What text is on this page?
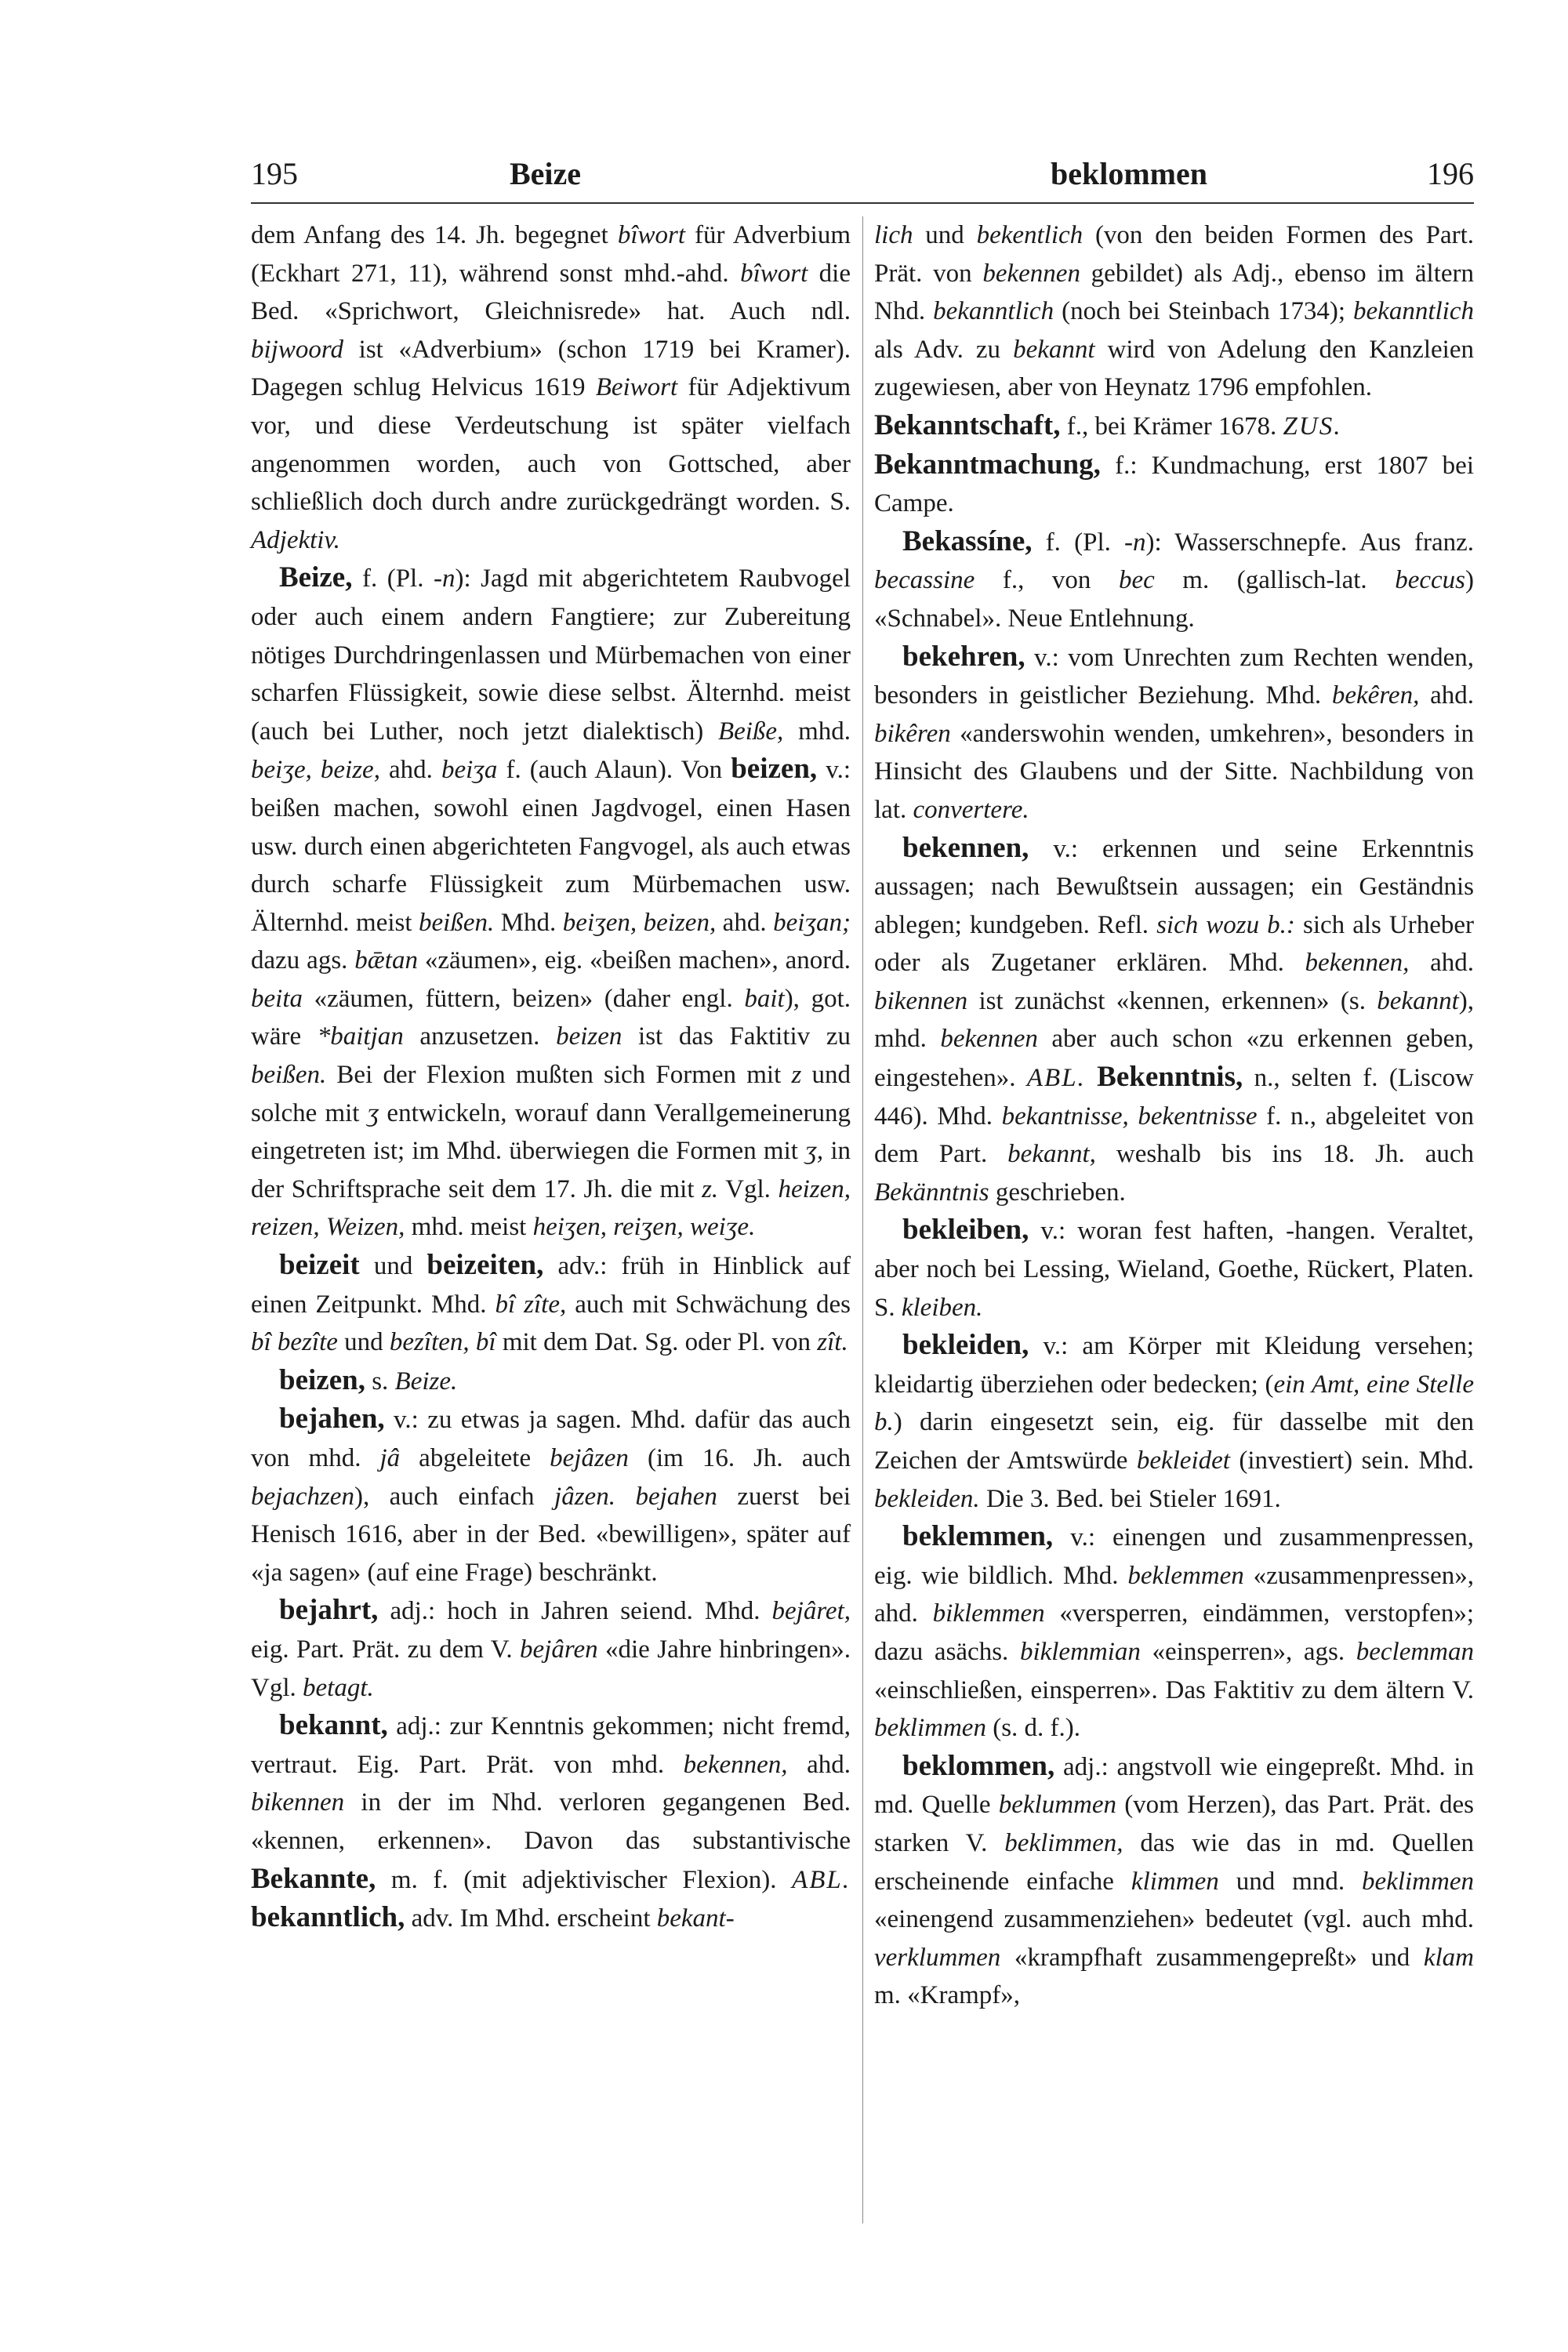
195	Beize	beklommen	196

dem Anfang des 14. Jh. begegnet bîwort für Adverbium (Eckhart 271, 11), während sonst mhd.-ahd. bîwort die Bed. «Sprichwort, Gleichnisrede» hat. Auch ndl. bijwoord ist «Adverbium» (schon 1719 bei Kramer). Dagegen schlug Helvicus 1619 Beiwort für Adjektivum vor, und diese Verdeutschung ist später vielfach angenommen worden, auch von Gottsched, aber schließlich doch durch andre zurückgedrängt worden. S. Adjektiv.

Beize, f. (Pl. -n): Jagd mit abgerichtetem Raubvogel oder auch einem andern Fangtiere; zur Zubereitung nötiges Durchdringenlassen und Mürbemachen von einer scharfen Flüssigkeit, sowie diese selbst. Älternhd. meist (auch bei Luther, noch jetzt dialektisch) Beiße, mhd. beiʒe, beize, ahd. beiʒa f. (auch Alaun). Von beizen, v.: beißen machen, sowohl einen Jagdvogel, einen Hasen usw. durch einen abgerichteten Fangvogel, als auch etwas durch scharfe Flüssigkeit zum Mürbemachen usw. Älternhd. meist beißen. Mhd. beiʒen, beizen, ahd. beiʒan; dazu ags. bǣtan «zäumen», eig. «beißen machen», anord. beita «zäumen, füttern, beizen» (daher engl. bait), got. wäre *baitjan anzusetzen. beizen ist das Faktitiv zu beißen. Bei der Flexion mußten sich Formen mit z und solche mit ʒ entwickeln, worauf dann Verallgemeinerung eingetreten ist; im Mhd. überwiegen die Formen mit ʒ, in der Schriftsprache seit dem 17. Jh. die mit z. Vgl. heizen, reizen, Weizen, mhd. meist heiʒen, reiʒen, weiʒe.

beizeit und beizeiten, adv.: früh in Hinblick auf einen Zeitpunkt. Mhd. bî zîte, auch mit Schwächung des bî bezîte und bezîten, bî mit dem Dat. Sg. oder Pl. von zît.

beizen, s. Beize.

bejahen, v.: zu etwas ja sagen. Mhd. dafür das auch von mhd. jâ abgeleitete bejâzen (im 16. Jh. auch bejachzen), auch einfach jâzen. bejahen zuerst bei Henisch 1616, aber in der Bed. «bewilligen», später auf «ja sagen» (auf eine Frage) beschränkt.

bejahrt, adj.: hoch in Jahren seiend. Mhd. bejâret, eig. Part. Prät. zu dem V. bejâren «die Jahre hinbringen». Vgl. betagt.

bekannt, adj.: zur Kenntnis gekommen; nicht fremd, vertraut. Eig. Part. Prät. von mhd. bekennen, ahd. bikennen in der im Nhd. verloren gegangenen Bed. «kennen, erkennen». Davon das substantivische Bekannte, m. f. (mit adjektivischer Flexion). ABL. bekanntlich, adv. Im Mhd. erscheint bekant-

lich und bekentlich (von den beiden Formen des Part. Prät. von bekennen gebildet) als Adj., ebenso im ältern Nhd. bekanntlich (noch bei Steinbach 1734); bekanntlich als Adv. zu bekannt wird von Adelung den Kanzleien zugewiesen, aber von Heynatz 1796 empfohlen.

Bekanntschaft, f., bei Krämer 1678. ZUS.

Bekanntmachung, f.: Kundmachung, erst 1807 bei Campe.

Bekassíne, f. (Pl. -n): Wasserschnepfe. Aus franz. becassine f., von bec m. (gallisch-lat. beccus) «Schnabel». Neue Entlehnung.

bekehren, v.: vom Unrechten zum Rechten wenden, besonders in geistlicher Beziehung. Mhd. bekêren, ahd. bikêren «anderswohin wenden, umkehren», besonders in Hinsicht des Glaubens und der Sitte. Nachbildung von lat. convertere.

bekennen, v.: erkennen und seine Erkenntnis aussagen; nach Bewußtsein aussagen; ein Geständnis ablegen; kundgeben. Refl. sich wozu b.: sich als Urheber oder als Zugetaner erklären. Mhd. bekennen, ahd. bikennen ist zunächst «kennen, erkennen» (s. bekannt), mhd. bekennen aber auch schon «zu erkennen geben, eingestehen». ABL. Bekenntnis, n., selten f. (Liscow 446). Mhd. bekantnisse, bekentnisse f. n., abgeleitet von dem Part. bekannt, weshalb bis ins 18. Jh. auch Bekänntnis geschrieben.

bekleiben, v.: woran fest haften, -hangen. Veraltet, aber noch bei Lessing, Wieland, Goethe, Rückert, Platen. S. kleiben.

bekleiden, v.: am Körper mit Kleidung versehen; kleidartig überziehen oder bedecken; (ein Amt, eine Stelle b.) darin eingesetzt sein, eig. für dasselbe mit den Zeichen der Amtswürde bekleidet (investiert) sein. Mhd. bekleiden. Die 3. Bed. bei Stieler 1691.

beklemmen, v.: einengen und zusammenpressen, eig. wie bildlich. Mhd. beklemmen «zusammenpressen», ahd. biklemmen «versperren, eindämmen, verstopfen»; dazu asächs. biklemmian «einsperren», ags. beclemman «einschließen, einsperren». Das Faktitiv zu dem ältern V. beklimmen (s. d. f.).

beklommen, adj.: angstvoll wie eingepreßt. Mhd. in md. Quelle beklummen (vom Herzen), das Part. Prät. des starken V. beklimmen, das wie das in md. Quellen erscheinende einfache klimmen und mnd. beklimmen «einengend zusammenziehen» bedeutet (vgl. auch mhd. verklummen «krampfhaft zusammengepreßt» und klam m. «Krampf»,
